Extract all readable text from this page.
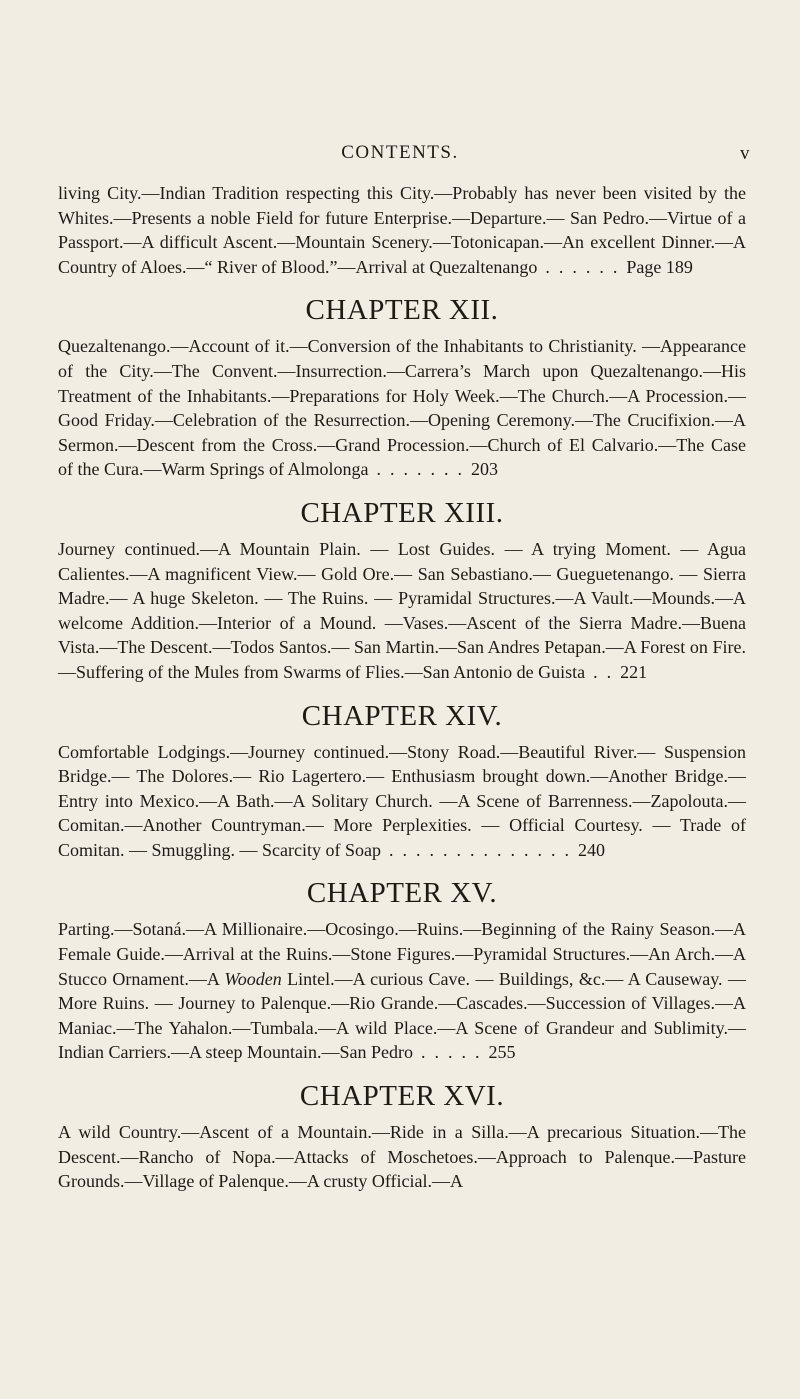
CONTENTS.	v

living City.—Indian Tradition respecting this City.—Probably has never been visited by the Whites.—Presents a noble Field for future Enterprise.—Departure.— San Pedro.—Virtue of a Passport.—A difficult Ascent.—Mountain Scenery.—Totonicapan.—An excellent Dinner.—A Country of Aloes.—“ River of Blood.”—Arrival at Quezaltenango ......Page 189

CHAPTER XII.

Quezaltenango.—Account of it.—Conversion of the Inhabitants to Christianity. —Appearance of the City.—The Convent.—Insurrection.—Carrera’s March upon Quezaltenango.—His Treatment of the Inhabitants.—Preparations for Holy Week.—The Church.—A Procession.—Good Friday.—Celebration of the Resurrection.—Opening Ceremony.—The Crucifixion.—A Sermon.—Descent from the Cross.—Grand Procession.—Church of El Calvario.—The Case of the Cura.—Warm Springs of Almolonga .......203

CHAPTER XIII.

Journey continued.—A Mountain Plain. — Lost Guides. — A trying Moment. — Agua Calientes.—A magnificent View.— Gold Ore.— San Sebastiano.— Gueguetenango. — Sierra Madre.— A huge Skeleton. — The Ruins. — Pyramidal Structures.—A Vault.—Mounds.—A welcome Addition.—Interior of a Mound. —Vases.—Ascent of the Sierra Madre.—Buena Vista.—The Descent.—Todos Santos.— San Martin.—San Andres Petapan.—A Forest on Fire.—Suffering of the Mules from Swarms of Flies.—San Antonio de Guista ..221

CHAPTER XIV.

Comfortable Lodgings.—Journey continued.—Stony Road.—Beautiful River.— Suspension Bridge.— The Dolores.— Rio Lagertero.— Enthusiasm brought down.—Another Bridge.—Entry into Mexico.—A Bath.—A Solitary Church. —A Scene of Barrenness.—Zapolouta.—Comitan.—Another Countryman.— More Perplexities. — Official Courtesy. — Trade of Comitan. — Smuggling. — Scarcity of Soap ..............240

CHAPTER XV.

Parting.—Sotaná.—A Millionaire.—Ocosingo.—Ruins.—Beginning of the Rainy Season.—A Female Guide.—Arrival at the Ruins.—Stone Figures.—Pyramidal Structures.—An Arch.—A Stucco Ornament.—A Wooden Lintel.—A curious Cave. — Buildings, &c.— A Causeway. — More Ruins. — Journey to Palenque.—Rio Grande.—Cascades.—Succession of Villages.—A Maniac.—The Yahalon.—Tumbala.—A wild Place.—A Scene of Grandeur and Sublimity.— Indian Carriers.—A steep Mountain.—San Pedro .....255

CHAPTER XVI.

A wild Country.—Ascent of a Mountain.—Ride in a Silla.—A precarious Situation.—The Descent.—Rancho of Nopa.—Attacks of Moschetoes.—Approach to Palenque.—Pasture Grounds.—Village of Palenque.—A crusty Official.—A
